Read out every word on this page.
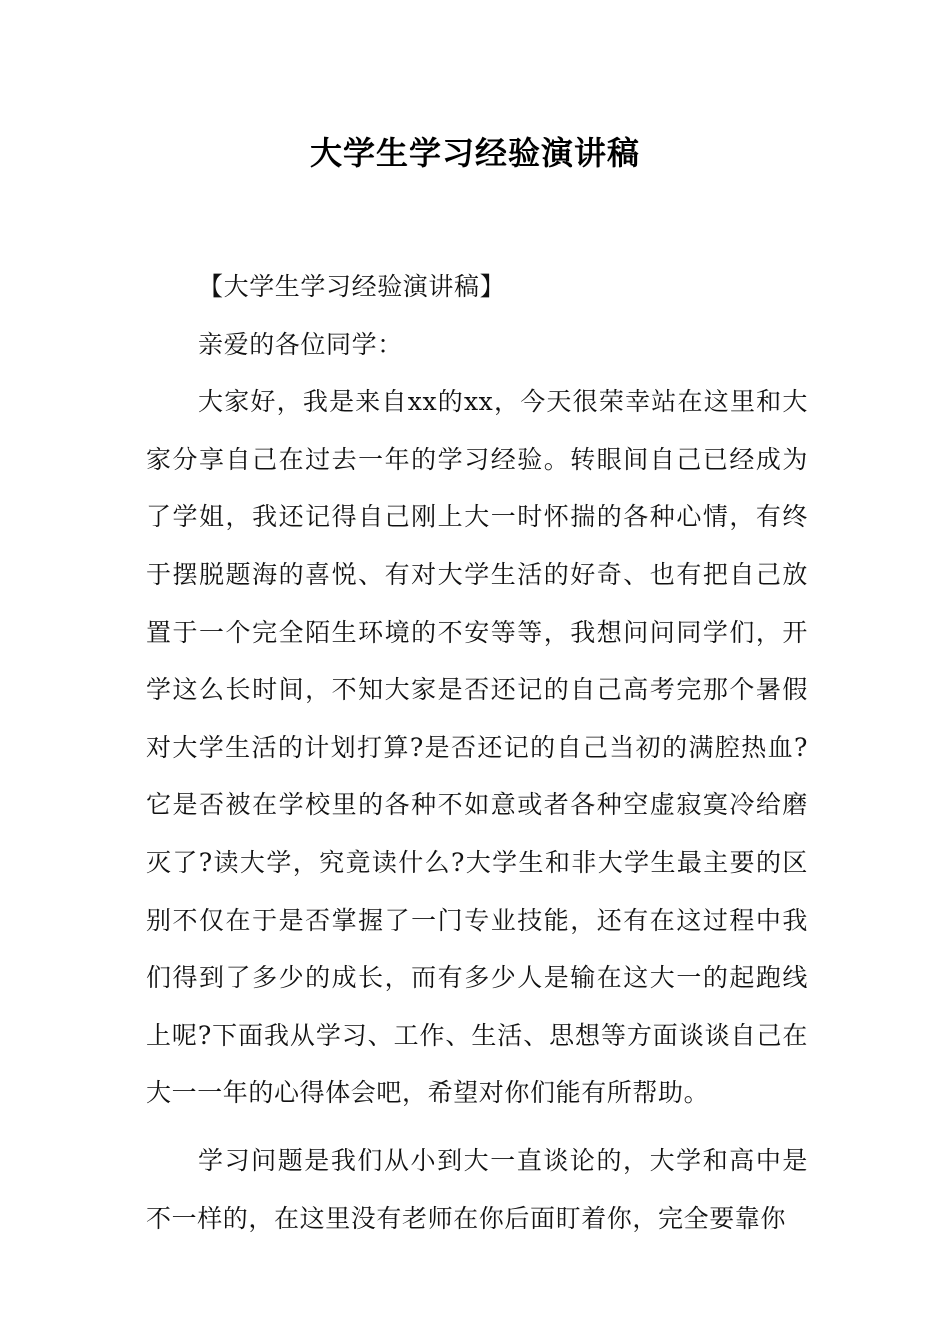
大学生学习经验演讲稿

【大学生学习经验演讲稿】

亲爱的各位同学：

大家好，我是来自xx的xx，今天很荣幸站在这里和大家分享自己在过去一年的学习经验。转眼间自己已经成为了学姐，我还记得自己刚上大一时怀揣的各种心情，有终于摆脱题海的喜悦、有对大学生活的好奇、也有把自己放置于一个完全陌生环境的不安等等，我想问问同学们，开学这么长时间，不知大家是否还记的自己高考完那个暑假对大学生活的计划打算?是否还记的自己当初的满腔热血?它是否被在学校里的各种不如意或者各种空虚寂寞冷给磨灭了?读大学，究竟读什么?大学生和非大学生最主要的区别不仅在于是否掌握了一门专业技能，还有在这过程中我们得到了多少的成长，而有多少人是输在这大一的起跑线上呢?下面我从学习、工作、生活、思想等方面谈谈自己在大一一年的心得体会吧，希望对你们能有所帮助。

学习问题是我们从小到大一直谈论的，大学和高中是不一样的，在这里没有老师在你后面盯着你，完全要靠你
